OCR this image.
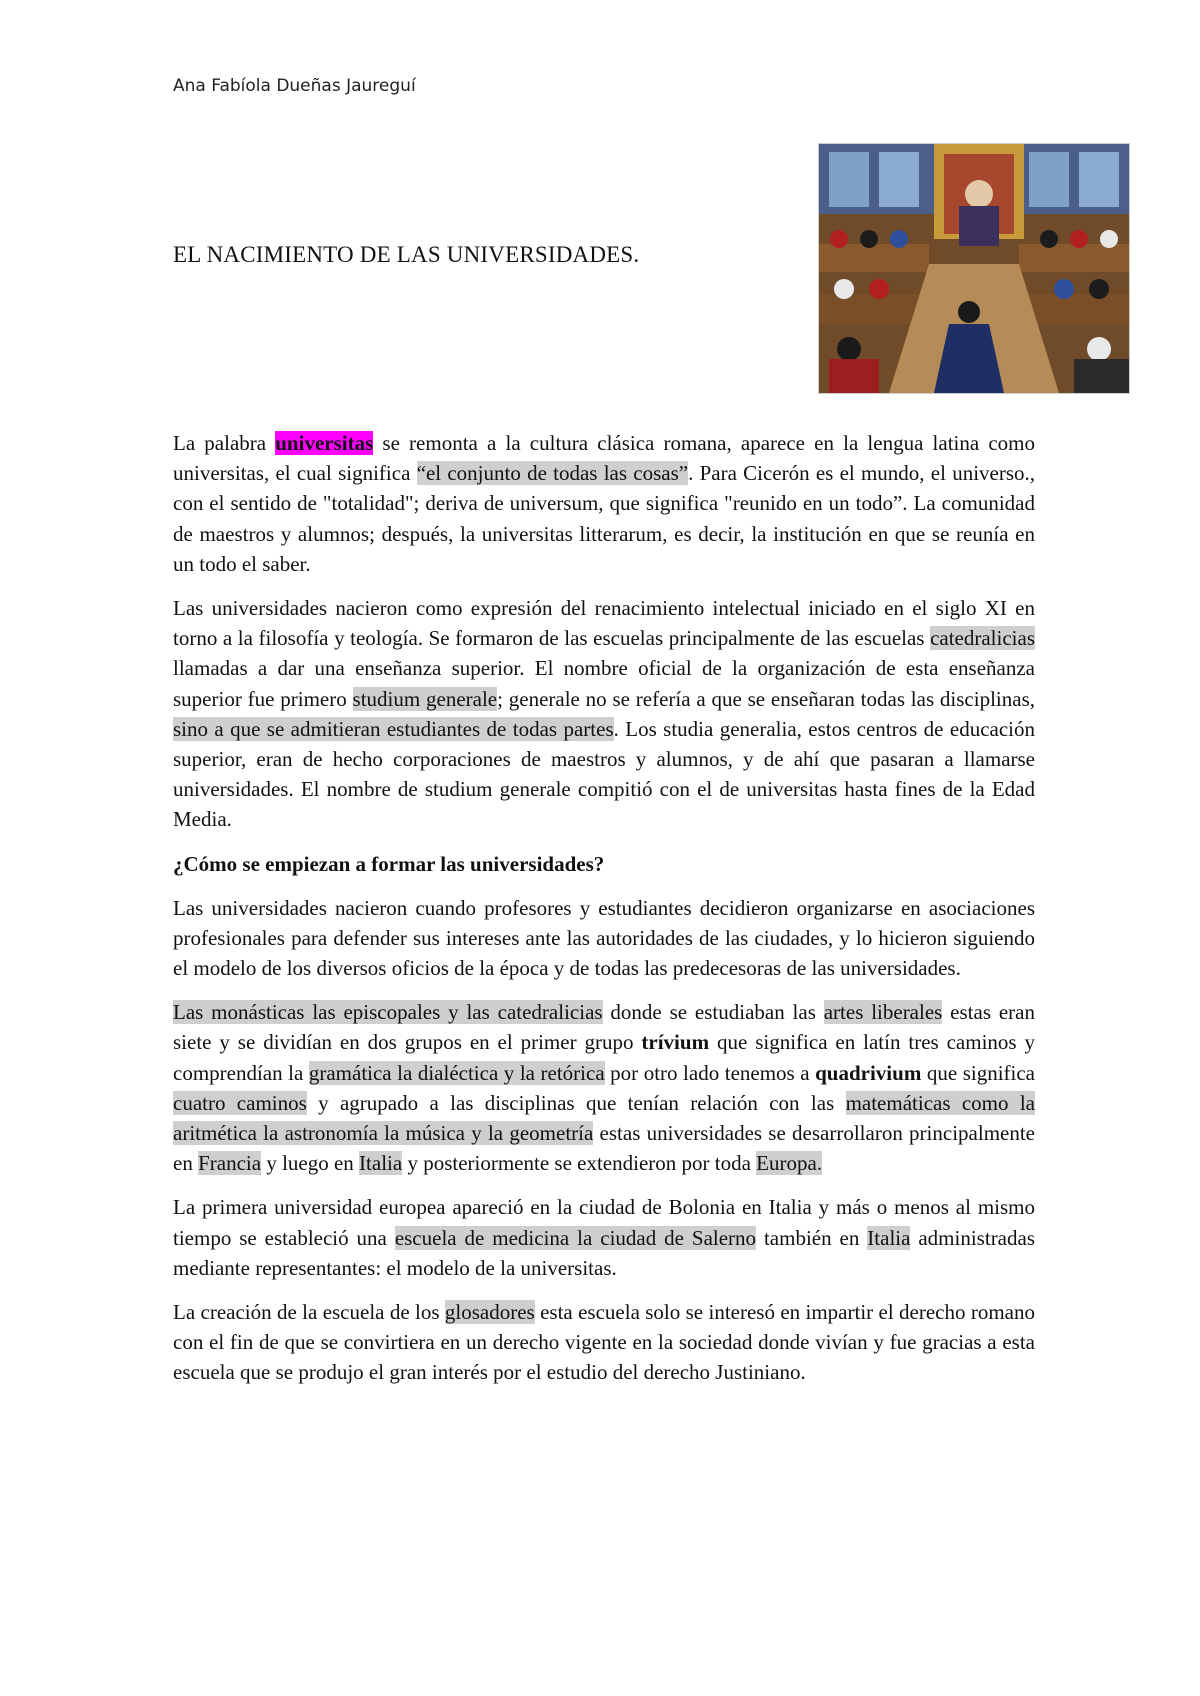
Ana Fabíola Dueñas Jaureguí
EL NACIMIENTO DE LAS UNIVERSIDADES.

La palabra universitas se remonta a la cultura clásica romana, aparece en la lengua latina como universitas, el cual significa “el conjunto de todas las cosas”. Para Cicerón es el mundo, el universo., con el sentido de "totalidad"; deriva de universum, que significa "reunido en un todo”. La comunidad de maestros y alumnos; después, la universitas litterarum, es decir, la institución en que se reunía en un todo el saber.

Las universidades nacieron como expresión del renacimiento intelectual iniciado en el siglo XI en torno a la filosofía y teología. Se formaron de las escuelas principalmente de las escuelas catedralicias llamadas a dar una enseñanza superior. El nombre oficial de la organización de esta enseñanza superior fue primero studium generale; generale no se refería a que se enseñaran todas las disciplinas, sino a que se admitieran estudiantes de todas partes. Los studia generalia, estos centros de educación superior, eran de hecho corporaciones de maestros y alumnos, y de ahí que pasaran a llamarse universidades. El nombre de studium generale compitió con el de universitas hasta fines de la Edad Media.

¿Cómo se empiezan a formar las universidades?

Las universidades nacieron cuando profesores y estudiantes decidieron organizarse en asociaciones profesionales para defender sus intereses ante las autoridades de las ciudades, y lo hicieron siguiendo el modelo de los diversos oficios de la época y de todas las predecesoras de las universidades.

Las monásticas las episcopales y las catedralicias donde se estudiaban las artes liberales estas eran siete y se dividían en dos grupos en el primer grupo trívium que significa en latín tres caminos y comprendían la gramática la dialéctica y la retórica por otro lado tenemos a quadrivium que significa cuatro caminos y agrupado a las disciplinas que tenían relación con las matemáticas como la aritmética la astronomía la música y la geometría estas universidades se desarrollaron principalmente en Francia y luego en Italia y posteriormente se extendieron por toda Europa.

La primera universidad europea apareció en la ciudad de Bolonia en Italia y más o menos al mismo tiempo se estableció una escuela de medicina la ciudad de Salerno también en Italia administradas mediante representantes: el modelo de la universitas.

La creación de la escuela de los glosadores esta escuela solo se interesó en impartir el derecho romano con el fin de que se convirtiera en un derecho vigente en la sociedad donde vivían y fue gracias a esta escuela que se produjo el gran interés por el estudio del derecho Justiniano.
